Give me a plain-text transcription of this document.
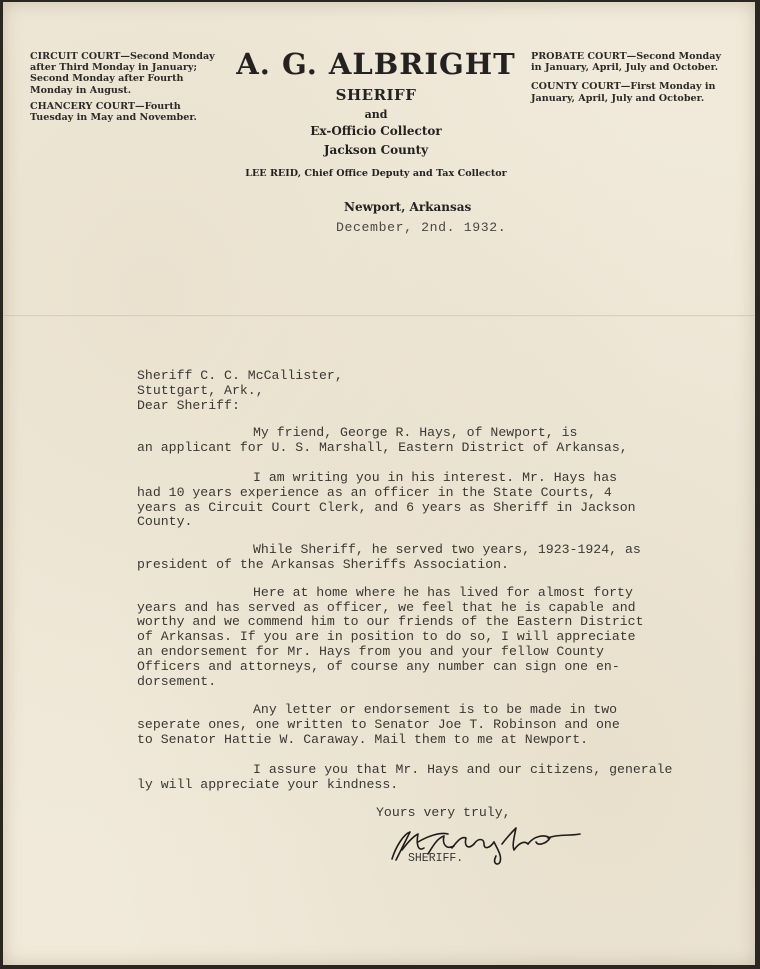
CIRCUIT COURT—Second Monday after Third Monday in January; Second Monday after Fourth Monday in August.

CHANCERY COURT—Fourth Tuesday in May and November.

PROBATE COURT—Second Monday in January, April, July and October.

COUNTY COURT—First Monday in January, April, July and October.

A. G. ALBRIGHT
SHERIFF
and
Ex-Officio Collector
Jackson County
LEE REID, Chief Office Deputy and Tax Collector
Newport, Arkansas
December, 2nd. 1932.
Sheriff C. C. McCallister,
Stuttgart, Ark.,
Dear Sheriff:
My friend, George R. Hays, of Newport, is
an applicant for U. S. Marshall, Eastern District of Arkansas,
I am writing you in his interest. Mr. Hays has
had 10 years experience as an officer in the State Courts, 4
years as Circuit Court Clerk, and 6 years as Sheriff in Jackson
County.
While Sheriff, he served two years, 1923-1924, as
president of the Arkansas Sheriffs Association.
Here at home where he has lived for almost forty
years and has served as officer, we feel that he is capable and
worthy and we commend him to our friends of the Eastern District
of Arkansas. If you are in position to do so, I will appreciate
an endorsement for Mr. Hays from you and your fellow County
Officers and attorneys, of course any number can sign one en-
dorsement.
Any letter or endorsement is to be made in two
seperate ones, one written to Senator Joe T. Robinson and one
to Senator Hattie W. Caraway. Mail them to me at Newport.
I assure you that Mr. Hays and our citizens, generale
ly will appreciate your kindness.
Yours very truly,
SHERIFF.
